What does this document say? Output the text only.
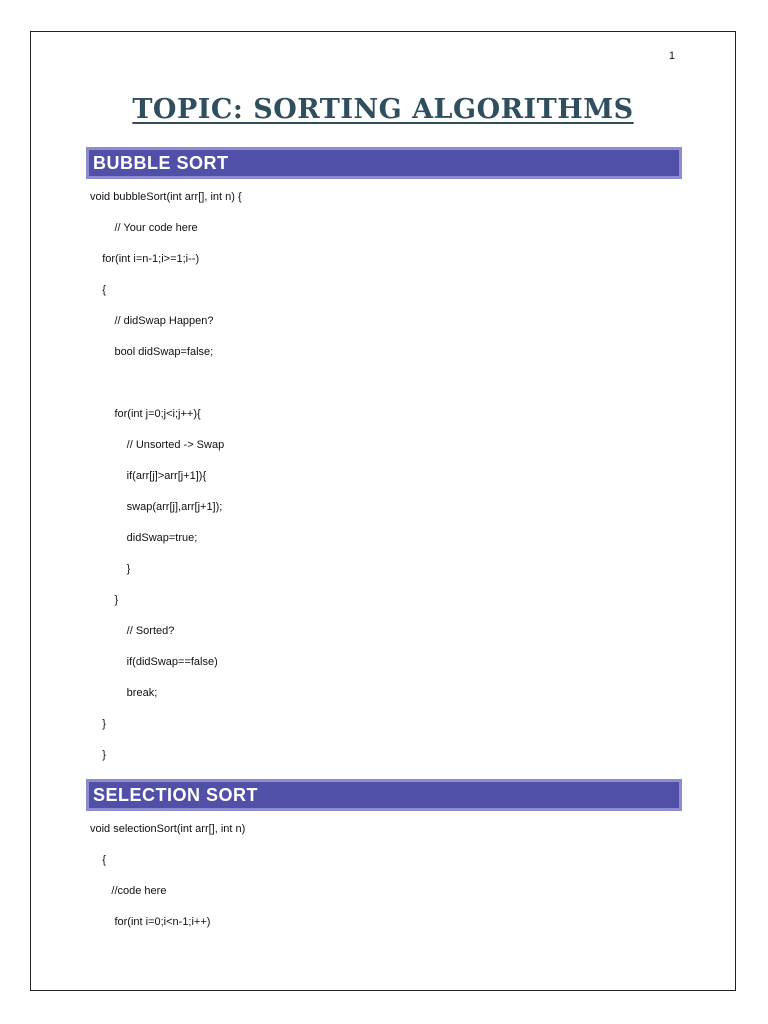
1
TOPIC: SORTING ALGORITHMS
BUBBLE SORT
void bubbleSort(int arr[], int n) {
// Your code here
for(int i=n-1;i>=1;i--)
{
// didSwap Happen?
bool didSwap=false;
for(int j=0;j<i;j++){
// Unsorted -> Swap
if(arr[j]>arr[j+1]){
swap(arr[j],arr[j+1]);
didSwap=true;
}
}
// Sorted?
if(didSwap==false)
break;
}
}
SELECTION SORT
void selectionSort(int arr[], int n)
{
//code here
for(int i=0;i<n-1;i++)
